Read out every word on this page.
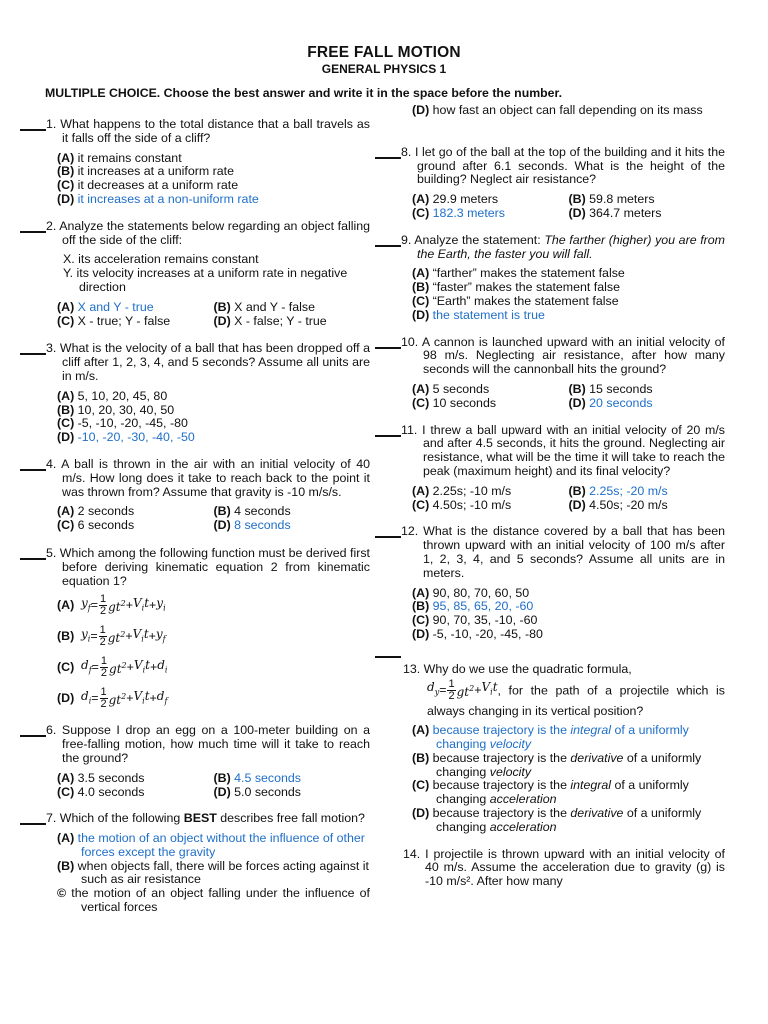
FREE FALL MOTION
GENERAL PHYSICS 1
MULTIPLE CHOICE. Choose the best answer and write it in the space before the number.
1. What happens to the total distance that a ball travels as it falls off the side of a cliff?
(A) it remains constant
(B) it increases at a uniform rate
(C) it decreases at a uniform rate
(D) it increases at a non-uniform rate
2. Analyze the statements below regarding an object falling off the side of the cliff:
X. its acceleration remains constant
Y. its velocity increases at a uniform rate in negative direction
(A) X and Y - true	(B) X and Y - false
(C) X - true; Y - false	(D) X - false; Y - true
3. What is the velocity of a ball that has been dropped off a cliff after 1, 2, 3, 4, and 5 seconds? Assume all units are in m/s.
(A) 5, 10, 20, 45, 80
(B) 10, 20, 30, 40, 50
(C) -5, -10, -20, -45, -80
(D) -10, -20, -30, -40, -50
4. A ball is thrown in the air with an initial velocity of 40 m/s. How long does it take to reach back to the point it was thrown from? Assume that gravity is -10 m/s/s.
(A) 2 seconds	(B) 4 seconds
(C) 6 seconds	(D) 8 seconds
5. Which among the following function must be derived first before deriving kinematic equation 2 from kinematic equation 1?
(A) $y_f = \frac{1}{2} gt^2 + V_it + y_i$
(B) $y_i = \frac{1}{2} gt^2 + V_it + y_f$
(C) $d_f = \frac{1}{2} gt^2 + V_it + d_i$
(D) $d_i = \frac{1}{2} gt^2 + V_it + d_f$
6. Suppose I drop an egg on a 100-meter building on a free-falling motion, how much time will it take to reach the ground?
(A) 3.5 seconds	(B) 4.5 seconds
(C) 4.0 seconds	(D) 5.0 seconds
7. Which of the following BEST describes free fall motion?
(A) the motion of an object without the influence of other forces except the gravity
(B) when objects fall, there will be forces acting against it such as air resistance
© the motion of an object falling under the influence of vertical forces
(D) how fast an object can fall depending on its mass
8. I let go of the ball at the top of the building and it hits the ground after 6.1 seconds. What is the height of the building? Neglect air resistance?
(A) 29.9 meters	(B) 59.8 meters
(C) 182.3 meters	(D) 364.7 meters
9. Analyze the statement: The farther (higher) you are from the Earth, the faster you will fall.
(A) “farther” makes the statement false
(B) “faster” makes the statement false
(C) “Earth” makes the statement false
(D) the statement is true
10. A cannon is launched upward with an initial velocity of 98 m/s. Neglecting air resistance, after how many seconds will the cannonball hits the ground?
(A) 5 seconds	(B) 15 seconds
(C) 10 seconds	(D) 20 seconds
11. I threw a ball upward with an initial velocity of 20 m/s and after 4.5 seconds, it hits the ground. Neglecting air resistance, what will be the time it will take to reach the peak (maximum height) and its final velocity?
(A) 2.25s; -10 m/s	(B) 2.25s; -20 m/s
(C) 4.50s; -10 m/s	(D) 4.50s; -20 m/s
12. What is the distance covered by a ball that has been thrown upward with an initial velocity of 100 m/s after 1, 2, 3, 4, and 5 seconds? Assume all units are in meters.
(A) 90, 80, 70, 60, 50
(B) 95, 85, 65, 20, -60
(C) 90, 70, 35, -10, -60
(D) -5, -10, -20, -45, -80
13. Why do we use the quadratic formula,
$d_y = \frac{1}{2} gt^2 + V_it$ , for the path of a projectile which is always changing in its vertical position?
(A) because trajectory is the integral of a uniformly changing velocity
(B) because trajectory is the derivative of a uniformly changing velocity
(C) because trajectory is the integral of a uniformly changing acceleration
(D) because trajectory is the derivative of a uniformly changing acceleration
14. I projectile is thrown upward with an initial velocity of 40 m/s. Assume the acceleration due to gravity (g) is -10 m/s². After how many
